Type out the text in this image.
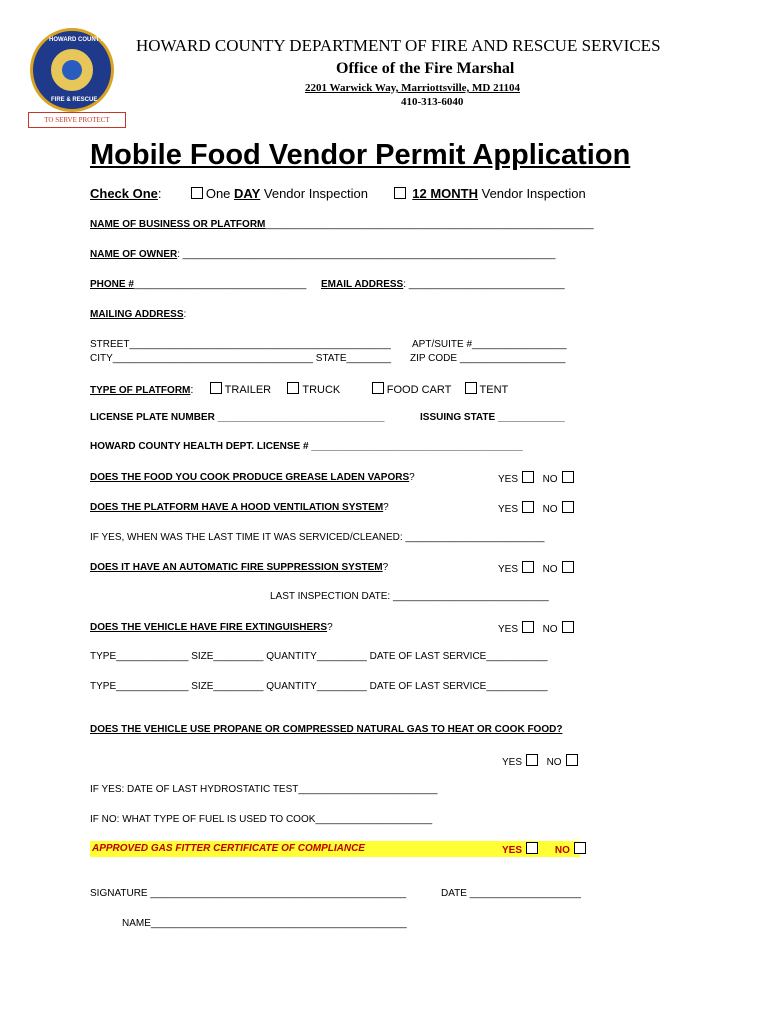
HOWARD COUNTY
FIRE & RESCUE
TO SERVE PROTECT
HOWARD COUNTY DEPARTMENT OF FIRE AND RESCUE SERVICES
Office of the Fire Marshal
2201 Warwick Way, Marriottsville, MD 21104
410-313-6040
Mobile Food Vendor Permit Application
Check One:       One DAY Vendor Inspection	12 MONTH Vendor Inspection
NAME OF BUSINESS OR PLATFORM___________________________________________________________
NAME OF OWNER: ___________________________________________________________________
PHONE #_______________________________ EMAIL ADDRESS: ____________________________
MAILING ADDRESS:
STREET_______________________________________________ APT/SUITE #_________________
CITY____________________________________ STATE________ ZIP CODE ___________________
TYPE OF PLATFORM:    TRAILER	TRUCK	FOOD CART	TENT
LICENSE PLATE NUMBER ______________________________	ISSUING STATE ____________
HOWARD COUNTY HEALTH DEPT. LICENSE # ______________________________________
DOES THE FOOD YOU COOK PRODUCE GREASE LADEN VAPORS?	YES NO
DOES THE PLATFORM HAVE A HOOD VENTILATION SYSTEM?	YES NO
IF YES, WHEN WAS THE LAST TIME IT WAS SERVICED/CLEANED: _________________________
DOES IT HAVE AN AUTOMATIC FIRE SUPPRESSION SYSTEM?	YES NO
LAST INSPECTION DATE: ____________________________
DOES THE VEHICLE HAVE FIRE EXTINGUISHERS?	YES NO
TYPE_____________ SIZE_________ QUANTITY_________ DATE OF LAST SERVICE___________
TYPE_____________ SIZE_________ QUANTITY_________ DATE OF LAST SERVICE___________
DOES THE VEHICLE USE PROPANE OR COMPRESSED NATURAL GAS TO HEAT OR COOK FOOD?
YES NO
IF YES: DATE OF LAST HYDROSTATIC TEST_________________________
IF NO: WHAT TYPE OF FUEL IS USED TO COOK_____________________
APPROVED GAS FITTER CERTIFICATE OF COMPLIANCE	YES	NO
SIGNATURE ______________________________________________	DATE ____________________
NAME______________________________________________
